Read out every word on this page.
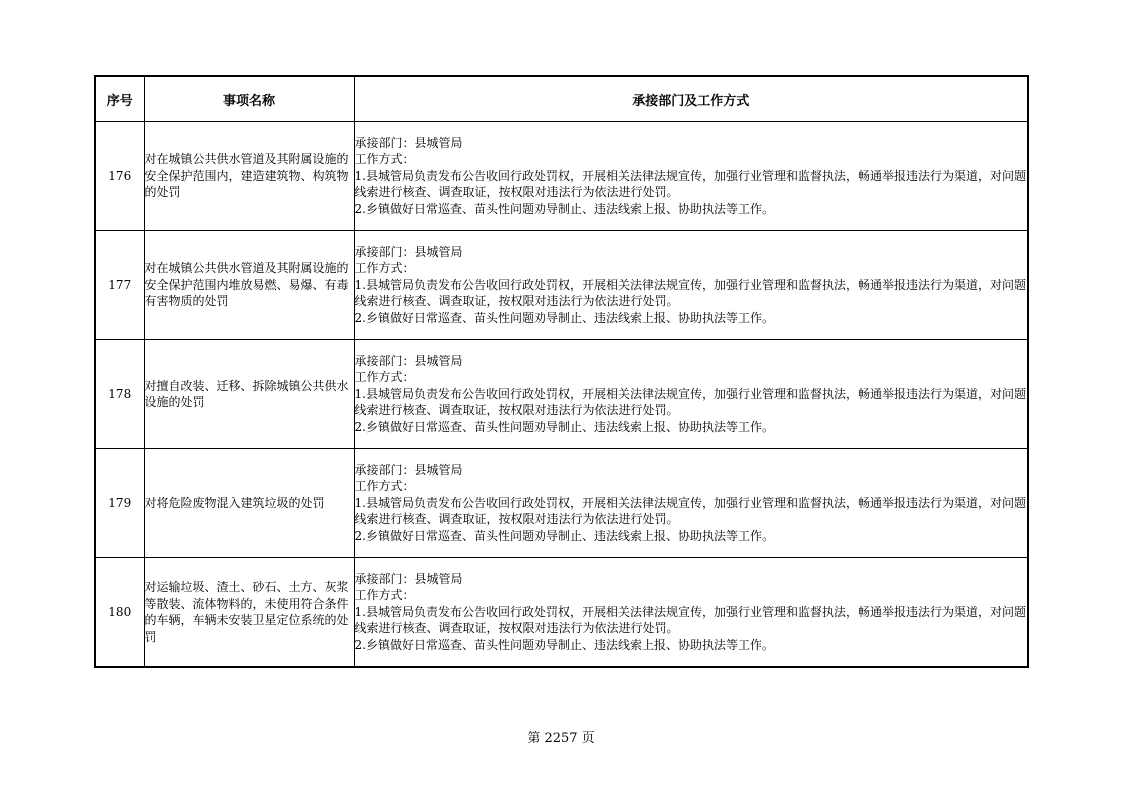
序号	事项名称	承接部门及工作方式
176	对在城镇公共供水管道及其附属设施的安全保护范围内，建造建筑物、构筑物的处罚	承接部门：县城管局
工作方式：
1.县城管局负责发布公告收回行政处罚权，开展相关法律法规宣传，加强行业管理和监督执法，畅通举报违法行为渠道，对问题线索进行核查、调查取证，按权限对违法行为依法进行处罚。
2.乡镇做好日常巡查、苗头性问题劝导制止、违法线索上报、协助执法等工作。

177	对在城镇公共供水管道及其附属设施的安全保护范围内堆放易燃、易爆、有毒有害物质的处罚	承接部门：县城管局
工作方式：
1.县城管局负责发布公告收回行政处罚权，开展相关法律法规宣传，加强行业管理和监督执法，畅通举报违法行为渠道，对问题线索进行核查、调查取证，按权限对违法行为依法进行处罚。
2.乡镇做好日常巡查、苗头性问题劝导制止、违法线索上报、协助执法等工作。

178	对擅自改装、迁移、拆除城镇公共供水设施的处罚	承接部门：县城管局
工作方式：
1.县城管局负责发布公告收回行政处罚权，开展相关法律法规宣传，加强行业管理和监督执法，畅通举报违法行为渠道，对问题线索进行核查、调查取证，按权限对违法行为依法进行处罚。
2.乡镇做好日常巡查、苗头性问题劝导制止、违法线索上报、协助执法等工作。

179	对将危险废物混入建筑垃圾的处罚	承接部门：县城管局
工作方式：
1.县城管局负责发布公告收回行政处罚权，开展相关法律法规宣传，加强行业管理和监督执法，畅通举报违法行为渠道，对问题线索进行核查、调查取证，按权限对违法行为依法进行处罚。
2.乡镇做好日常巡查、苗头性问题劝导制止、违法线索上报、协助执法等工作。

180	对运输垃圾、渣土、砂石、土方、灰浆等散装、流体物料的，未使用符合条件的车辆，车辆未安装卫星定位系统的处罚	承接部门：县城管局
工作方式：
1.县城管局负责发布公告收回行政处罚权，开展相关法律法规宣传，加强行业管理和监督执法，畅通举报违法行为渠道，对问题线索进行核查、调查取证，按权限对违法行为依法进行处罚。
2.乡镇做好日常巡查、苗头性问题劝导制止、违法线索上报、协助执法等工作。
第 2257 页
